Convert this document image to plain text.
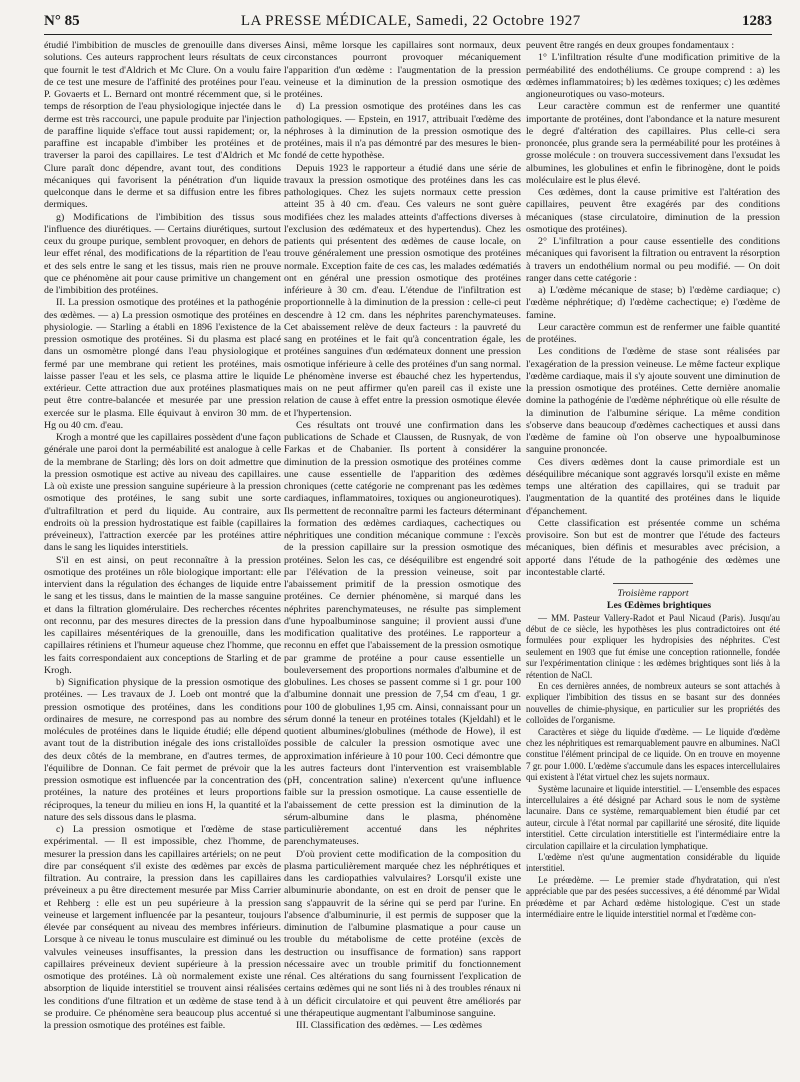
N° 85	LA PRESSE MÉDICALE, Samedi, 22 Octobre 1927	1283

étudié l'imbibition de muscles de grenouille dans diverses solutions. Ces auteurs rapprochent leurs résultats de ceux que fournit le test d'Aldrich et Mc Clure. On a voulu faire de ce test une mesure de l'affinité des protéines pour l'eau. P. Govaerts et L. Bernard ont montré récemment que, si le temps de résorption de l'eau physiologique injectée dans le derme est très raccourci, une papule produite par l'injection de paraffine liquide s'efface tout aussi rapidement; or, la paraffine est incapable d'imbiber les protéines et de traverser la paroi des capillaires. Le test d'Aldrich et Mc Clure paraît donc dépendre, avant tout, des conditions mécaniques qui favorisent la pénétration d'un liquide quelconque dans le derme et sa diffusion entre les fibres dermiques.

g) Modifications de l'imbibition des tissus sous l'influence des diurétiques. — Certains diurétiques, surtout ceux du groupe purique, semblent provoquer, en dehors de leur effet rénal, des modifications de la répartition de l'eau et des sels entre le sang et les tissus, mais rien ne prouve que ce phénomène ait pour cause primitive un changement de l'imbibition des protéines.

II. La pression osmotique des protéines et la pathogénie des œdèmes. — a) La pression osmotique des protéines en physiologie. — Starling a établi en 1896 l'existence de la pression osmotique des protéines. Si du plasma est placé dans un osmomètre plongé dans l'eau physiologique et fermé par une membrane qui retient les protéines, mais laisse passer l'eau et les sels, ce plasma attire le liquide extérieur. Cette attraction due aux protéines plasmatiques peut être contre-balancée et mesurée par une pression exercée sur le plasma. Elle équivaut à environ 30 mm. de Hg ou 40 cm. d'eau.

Krogh a montré que les capillaires possèdent d'une façon générale une paroi dont la perméabilité est analogue à celle de la membrane de Starling; dès lors on doit admettre que la pression osmotique est active au niveau des capillaires. Là où existe une pression sanguine supérieure à la pression osmotique des protéines, le sang subit une sorte d'ultrafiltration et perd du liquide. Au contraire, aux endroits où la pression hydrostatique est faible (capillaires préveineux), l'attraction exercée par les protéines attire dans le sang les liquides interstitiels.

S'il en est ainsi, on peut reconnaître à la pression osmotique des protéines un rôle biologique important: elle intervient dans la régulation des échanges de liquide entre le sang et les tissus, dans le maintien de la masse sanguine et dans la filtration glomérulaire. Des recherches récentes ont reconnu, par des mesures directes de la pression dans les capillaires mésentériques de la grenouille, dans les capillaires rétiniens et l'humeur aqueuse chez l'homme, que les faits correspondaient aux conceptions de Starling et de Krogh.

b) Signification physique de la pression osmotique des protéines. — Les travaux de J. Loeb ont montré que la pression osmotique des protéines, dans les conditions ordinaires de mesure, ne correspond pas au nombre des molécules de protéines dans le liquide étudié; elle dépend avant tout de la distribution inégale des ions cristalloïdes des deux côtés de la membrane, en d'autres termes, de l'équilibre de Donnan. Ce fait permet de prévoir que la pression osmotique est influencée par la concentration des protéines, la nature des protéines et leurs proportions réciproques, la teneur du milieu en ions H, la quantité et la nature des sels dissous dans le plasma.

c) La pression osmotique et l'œdème de stase expérimental. — Il est impossible, chez l'homme, de mesurer la pression dans les capillaires artériels; on ne peut dire par conséquent s'il existe des œdèmes par excès de filtration. Au contraire, la pression dans les capillaires préveineux a pu être directement mesurée par Miss Carrier et Rehberg : elle est un peu supérieure à la pression veineuse et largement influencée par la pesanteur, toujours élevée par conséquent au niveau des membres inférieurs. Lorsque à ce niveau le tonus musculaire est diminué ou les valvules veineuses insuffisantes, la pression dans les capillaires préveineux devient supérieure à la pression osmotique des protéines. Là où normalement existe une absorption de liquide interstitiel se trouvent ainsi réalisées les conditions d'une filtration et un œdème de stase tend à se produire. Ce phénomène sera beaucoup plus accentué si la pression osmotique des protéines est faible.

Ainsi, même lorsque les capillaires sont normaux, deux circonstances pourront provoquer mécaniquement l'apparition d'un œdème : l'augmentation de la pression veineuse et la diminution de la pression osmotique des protéines.

d) La pression osmotique des protéines dans les cas pathologiques. — Epstein, en 1917, attribuait l'œdème des néphroses à la diminution de la pression osmotique des protéines, mais il n'a pas démontré par des mesures le bien-fondé de cette hypothèse.

Depuis 1923 le rapporteur a étudié dans une série de travaux la pression osmotique des protéines dans les cas pathologiques. Chez les sujets normaux cette pression atteint 35 à 40 cm. d'eau. Ces valeurs ne sont guère modifiées chez les malades atteints d'affections diverses à l'exclusion des œdémateux et des hypertendus). Chez les patients qui présentent des œdèmes de cause locale, on trouve généralement une pression osmotique des protéines normale. Exception faite de ces cas, les malades œdématiés ont en général une pression osmotique des protéines inférieure à 30 cm. d'eau. L'étendue de l'infiltration est proportionnelle à la diminution de la pression : celle-ci peut descendre à 12 cm. dans les néphrites parenchymateuses. Cet abaissement relève de deux facteurs : la pauvreté du sang en protéines et le fait qu'à concentration égale, les protéines sanguines d'un œdémateux donnent une pression osmotique inférieure à celle des protéines d'un sang normal. Le phénomène inverse est ébauché chez les hypertendus, mais on ne peut affirmer qu'en pareil cas il existe une relation de cause à effet entre la pression osmotique élevée et l'hypertension.

Ces résultats ont trouvé une confirmation dans les publications de Schade et Claussen, de Rusnyak, de von Farkas et de Chabanier. Ils portent à considérer la diminution de la pression osmotique des protéines comme une cause essentielle de l'apparition des œdèmes chroniques (cette catégorie ne comprenant pas les œdèmes cardiaques, inflammatoires, toxiques ou angioneurotiques). Ils permettent de reconnaître parmi les facteurs déterminant la formation des œdèmes cardiaques, cachectiques ou néphritiques une condition mécanique commune : l'excès de la pression capillaire sur la pression osmotique des protéines. Selon les cas, ce déséquilibre est engendré soit par l'élévation de la pression veineuse, soit par l'abaissement primitif de la pression osmotique des protéines. Ce dernier phénomène, si marqué dans les néphrites parenchymateuses, ne résulte pas simplement d'une hypoalbuminose sanguine; il provient aussi d'une modification qualitative des protéines. Le rapporteur a reconnu en effet que l'abaissement de la pression osmotique par gramme de protéine a pour cause essentielle un bouleversement des proportions normales d'albumine et de globulines. Les choses se passent comme si 1 gr. pour 100 d'albumine donnait une pression de 7,54 cm d'eau, 1 gr. pour 100 de globulines 1,95 cm. Ainsi, connaissant pour un sérum donné la teneur en protéines totales (Kjeldahl) et le quotient albumines/globulines (méthode de Howe), il est possible de calculer la pression osmotique avec une approximation inférieure à 10 pour 100. Ceci démontre que les autres facteurs dont l'intervention est vraisemblable (pH, concentration saline) n'exercent qu'une influence faible sur la pression osmotique. La cause essentielle de l'abaissement de cette pression est la diminution de la sérum-albumine dans le plasma, phénomène particulièrement accentué dans les néphrites parenchymateuses.

D'où provient cette modification de la composition du plasma particulièrement marquée chez les néphrétiques et dans les cardiopathies valvulaires? Lorsqu'il existe une albuminurie abondante, on est en droit de penser que le sang s'appauvrit de la sérine qui se perd par l'urine. En l'absence d'albuminurie, il est permis de supposer que la diminution de l'albumine plasmatique a pour cause un trouble du métabolisme de cette protéine (excès de destruction ou insuffisance de formation) sans rapport nécessaire avec un trouble primitif du fonctionnement rénal. Ces altérations du sang fournissent l'explication de certains œdèmes qui ne sont liés ni à des troubles rénaux ni à un déficit circulatoire et qui peuvent être améliorés par une thérapeutique augmentant l'albuminose sanguine.

III. Classification des œdèmes. — Les œdèmes

peuvent être rangés en deux groupes fondamentaux :

1° L'infiltration résulte d'une modification primitive de la perméabilité des endothéliums. Ce groupe comprend : a) les œdèmes inflammatoires; b) les œdèmes toxiques; c) les œdèmes angioneurotiques ou vaso-moteurs.

Leur caractère commun est de renfermer une quantité importante de protéines, dont l'abondance et la nature mesurent le degré d'altération des capillaires. Plus celle-ci sera prononcée, plus grande sera la perméabilité pour les protéines à grosse molécule : on trouvera successivement dans l'exsudat les albumines, les globulines et enfin le fibrinogène, dont le poids moléculaire est le plus élevé.

Ces œdèmes, dont la cause primitive est l'altération des capillaires, peuvent être exagérés par des conditions mécaniques (stase circulatoire, diminution de la pression osmotique des protéines).

2° L'infiltration a pour cause essentielle des conditions mécaniques qui favorisent la filtration ou entravent la résorption à travers un endothélium normal ou peu modifié. — On doit ranger dans cette catégorie :

a) L'œdème mécanique de stase; b) l'œdème cardiaque; c) l'œdème néphrétique; d) l'œdème cachectique; e) l'œdème de famine.

Leur caractère commun est de renfermer une faible quantité de protéines.

Les conditions de l'œdème de stase sont réalisées par l'exagération de la pression veineuse. Le même facteur explique l'œdème cardiaque, mais il s'y ajoute souvent une diminution de la pression osmotique des protéines. Cette dernière anomalie domine la pathogénie de l'œdème néphrétique où elle résulte de la diminution de l'albumine sérique. La même condition s'observe dans beaucoup d'œdèmes cachectiques et aussi dans l'œdème de famine où l'on observe une hypoalbuminose sanguine prononcée.

Ces divers œdèmes dont la cause primordiale est un déséquilibre mécanique sont aggravés lorsqu'il existe en même temps une altération des capillaires, qui se traduit par l'augmentation de la quantité des protéines dans le liquide d'épanchement.

Cette classification est présentée comme un schéma provisoire. Son but est de montrer que l'étude des facteurs mécaniques, bien définis et mesurables avec précision, a apporté dans l'étude de la pathogénie des œdèmes une incontestable clarté.

Troisième rapport

Les Œdèmes brightiques

— MM. Pasteur Vallery-Radot et Paul Nicaud (Paris). Jusqu'au début de ce siècle, les hypothèses les plus contradictoires ont été formulées pour expliquer les hydropisies des néphrites. C'est seulement en 1903 que fut émise une conception rationnelle, fondée sur l'expérimentation clinique : les œdèmes brightiques sont liés à la rétention de NaCl.

En ces dernières années, de nombreux auteurs se sont attachés à expliquer l'imbibition des tissus en se basant sur des données nouvelles de chimie-physique, en particulier sur les propriétés des colloïdes de l'organisme.

Caractères et siège du liquide d'œdème. — Le liquide d'œdème chez les néphritiques est remarquablement pauvre en albumines. NaCl constitue l'élément principal de ce liquide. On en trouve en moyenne 7 gr. pour 1.000. L'œdème s'accumule dans les espaces intercellulaires qui existent à l'état virtuel chez les sujets normaux.

Système lacunaire et liquide interstitiel. — L'ensemble des espaces intercellulaires a été désigné par Achard sous le nom de système lacunaire. Dans ce système, remarquablement bien étudié par cet auteur, circule à l'état normal par capillarité une sérosité, dite liquide interstitiel. Cette circulation interstitielle est l'intermédiaire entre la circulation capillaire et la circulation lymphatique.

L'œdème n'est qu'une augmentation considérable du liquide interstitiel.

Le préœdème. — Le premier stade d'hydratation, qui n'est appréciable que par des pesées successives, a été dénommé par Widal préœdème et par Achard œdème histologique. C'est un stade intermédiaire entre le liquide interstitiel normal et l'œdème con-
